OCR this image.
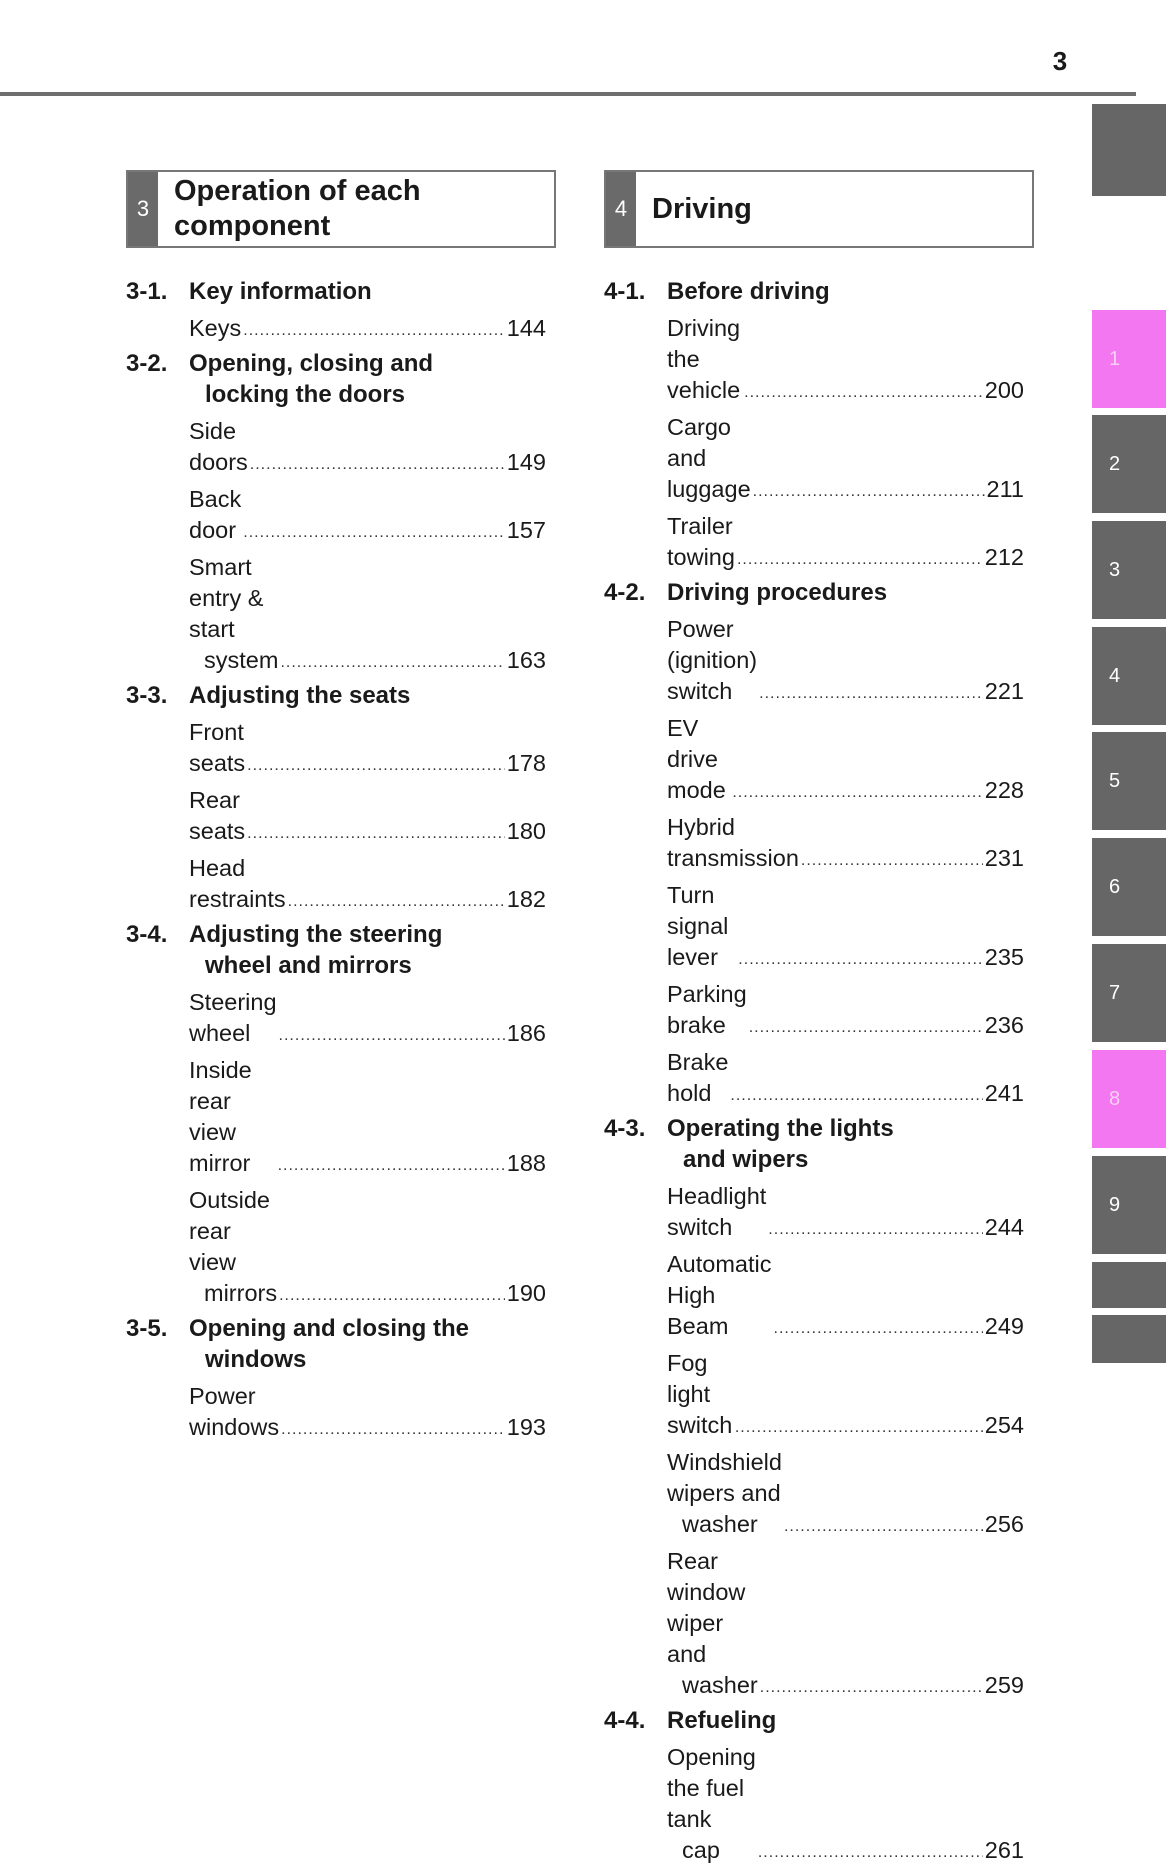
3
3
Operation of each
component
4 Driving
3-1. Key information
Keys .....	144
3-2. Opening, closing and
locking the doors
Side doors .....	149
Back door .....	157
Smart entry & start
system .....	163
3-3. Adjusting the seats
Front seats .....	178
Rear seats .....	180
Head restraints .....	182
3-4. Adjusting the steering
wheel and mirrors
Steering wheel .....	186
Inside rear view mirror .....	188
Outside rear view
mirrors .....	190
3-5. Opening and closing the
windows
Power windows .....	193
4-1. Before driving
Driving the vehicle .....	200
Cargo and luggage .....	211
Trailer towing .....	212
4-2. Driving procedures
Power (ignition) switch .....	221
EV drive mode .....	228
Hybrid transmission .....	231
Turn signal lever .....	235
Parking brake .....	236
Brake hold .....	241
4-3. Operating the lights
and wipers
Headlight switch .....	244
Automatic High Beam .....	249
Fog light switch .....	254
Windshield wipers and
washer .....	256
Rear window wiper and
washer .....	259
4-4. Refueling
Opening the fuel tank
cap .....	261
1
2
3
4
5
6
7
8
9
